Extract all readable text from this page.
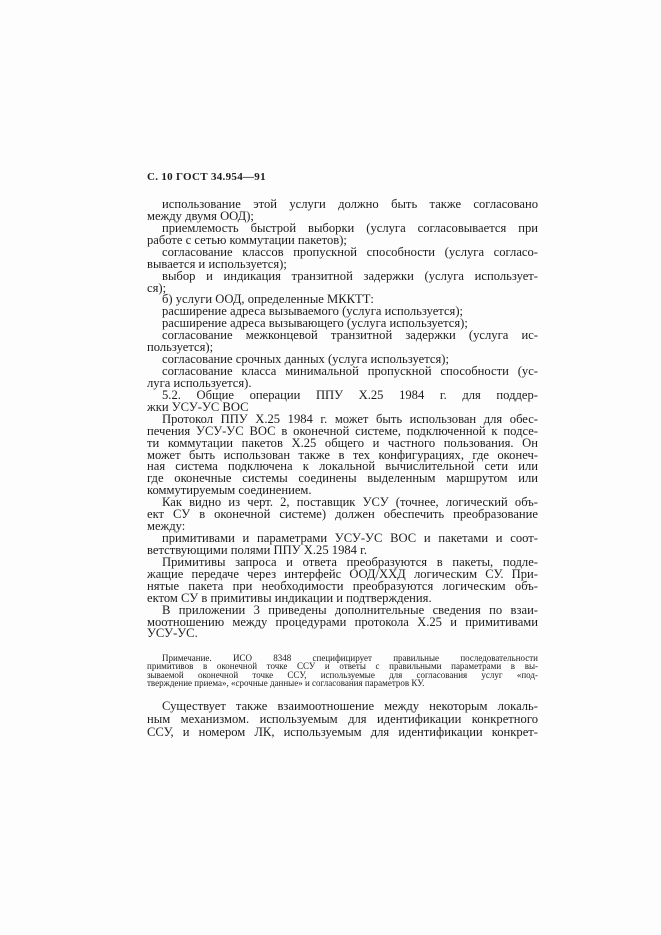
С. 10 ГОСТ 34.954—91
использование этой услуги должно быть также согласовано
между двумя ООД);
приемлемость быстрой выборки (услуга согласовывается при
работе с сетью коммутации пакетов);
согласование классов пропускной способности (услуга согласо-
вывается и используется);
выбор и индикация транзитной задержки (услуга использует-
ся);
б) услуги ООД, определенные МККТТ:
расширение адреса вызываемого (услуга используется);
расширение адреса вызывающего (услуга используется);
согласование межконцевой транзитной задержки (услуга ис-
пользуется);
согласование срочных данных (услуга используется);
согласование класса минимальной пропускной способности (ус-
луга используется).
5.2. Общие операции ППУ X.25 1984 г. для поддер-
жки УСУ-УС ВОС
Протокол ППУ X.25 1984 г. может быть использован для обес-
печения УСУ-УС ВОС в оконечной системе, подключенной к подсе-
ти коммутации пакетов X.25 общего и частного пользования. Он
может быть использован также в тех конфигурациях, где оконеч-
ная система подключена к локальной вычислительной сети или
где оконечные системы соединены выделенным маршрутом или
коммутируемым соединением.
Как видно из черт. 2, поставщик УСУ (точнее, логический объ-
ект СУ в оконечной системе) должен обеспечить преобразование
между:
примитивами и параметрами УСУ-УС ВОС и пакетами и соот-
ветствующими полями ППУ X.25 1984 г.
Примитивы запроса и ответа преобразуются в пакеты, подле-
жащие передаче через интерфейс ООД/ХХД логическим СУ. При-
нятые пакета при необходимости преобразуются логическим объ-
ектом СУ в примитивы индикации и подтверждения.
В приложении 3 приведены дополнительные сведения по взаи-
моотношению между процедурами протокола X.25 и примитивами
УСУ-УС.
Примечание. ИСО 8348 специфицирует правильные последовательности
примитивов в оконечной точке ССУ и ответы с правильными параметрами в вы-
зываемой оконечной точке ССУ, используемые для согласования услуг «под-
тверждение приема», «срочные данные» и согласования параметров КУ.
Существует также взаимоотношение между некоторым локаль-
ным механизмом. используемым для идентификации конкретного
ССУ, и номером ЛК, используемым для идентификации конкрет-
